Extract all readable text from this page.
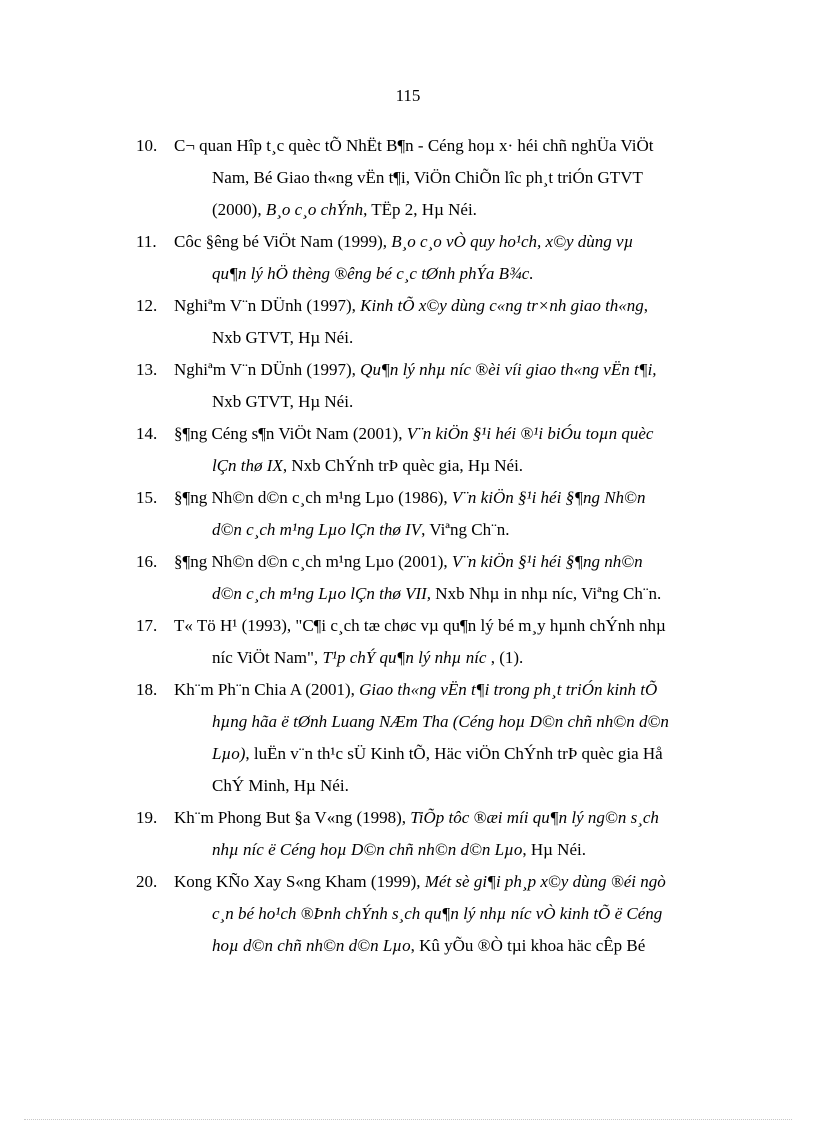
115
10. C¬ quan Hîp t¸c quèc tÕ NhËt B¶n - Céng hoµ x· héi chñ nghÜa ViÖt
Nam, Bé Giao th«ng vËn t¶i, ViÖn ChiÕn lîc ph¸t triÓn GTVT
(2000), B¸o c¸o chÝnh, TËp 2, Hµ Néi.
11.	Côc §êng bé ViÖt Nam (1999), B¸o c¸o vÒ quy ho¹ch, x©y dùng vµ
qu¶n lý hÖ thèng ®êng bé c¸c tØnh phÝa B¾c.
12. Nghiªm V¨n DÜnh (1997), Kinh tÕ x©y dùng c«ng tr×nh giao th«ng,
Nxb GTVT, Hµ Néi.
13. Nghiªm V¨n DÜnh (1997), Qu¶n lý nhµ níc ®èi víi giao th«ng vËn t¶i,
Nxb GTVT, Hµ Néi.
14. §¶ng Céng s¶n ViÖt Nam (2001), V¨n kiÖn §¹i héi ®¹i biÓu toµn quèc
lÇn thø IX, Nxb ChÝnh trÞ quèc gia, Hµ Néi.
15. §¶ng Nh©n d©n c¸ch m¹ng Lµo (1986), V¨n kiÖn §¹i héi §¶ng Nh©n
d©n c¸ch m¹ng Lµo lÇn thø IV, Viªng Ch¨n.
16. §¶ng Nh©n d©n c¸ch m¹ng Lµo (2001), V¨n kiÖn §¹i héi §¶ng nh©n
d©n c¸ch m¹ng Lµo lÇn thø VII, Nxb Nhµ in nhµ níc, Viªng Ch¨n.
17. T« Tö H¹ (1993), "C¶i c¸ch tæ chøc vµ qu¶n lý bé m¸y hµnh chÝnh nhµ
níc ViÖt Nam", T¹p chÝ qu¶n lý nhµ níc , (1).
18. Kh¨m Ph¨n Chia A (2001), Giao th«ng vËn t¶i trong ph¸t triÓn kinh tÕ
hµng hãa ë tØnh Luang NÆm Tha (Céng hoµ D©n chñ nh©n d©n
Lµo), luËn v¨n th¹c sÜ Kinh tÕ, Häc viÖn ChÝnh trÞ quèc gia Hå
ChÝ Minh, Hµ Néi.
19. Kh¨m Phong But §a V«ng (1998), TiÕp tôc ®æi míi qu¶n lý ng©n s¸ch
nhµ níc ë Céng hoµ D©n chñ nh©n d©n Lµo, Hµ Néi.
20. Kong KÑo Xay S«ng Kham (1999), Mét sè gi¶i ph¸p x©y dùng ®éi ngò
c¸n bé ho¹ch ®Þnh chÝnh s¸ch qu¶n lý nhµ níc vÒ kinh tÕ ë Céng
hoµ d©n chñ nh©n d©n Lµo, Kû yÕu ®Ò tµi khoa häc cÊp Bé
